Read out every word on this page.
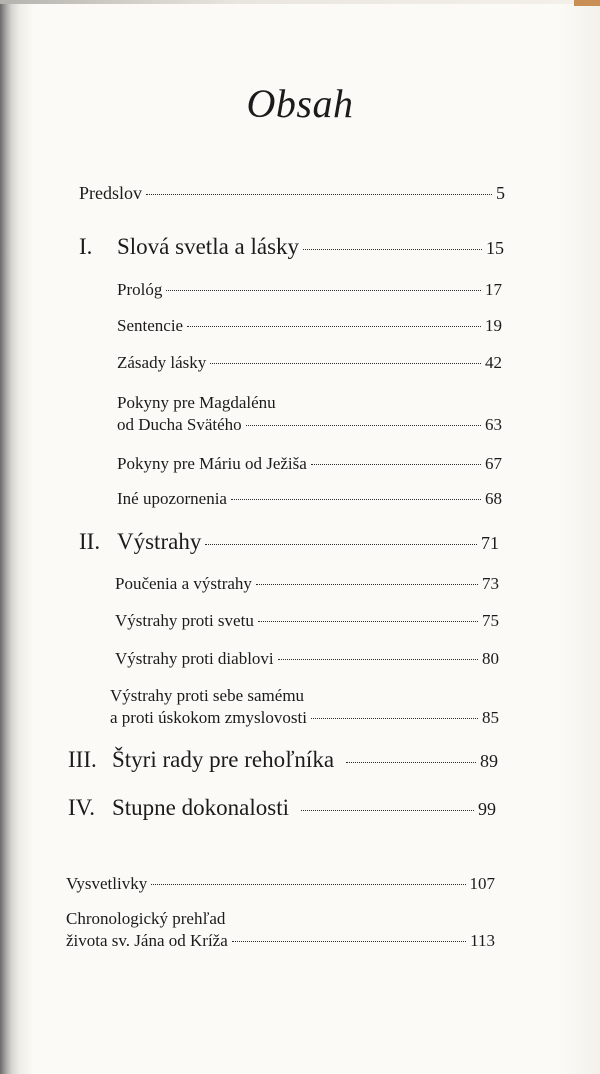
Obsah
Predslov	5
I.	Slová svetla a lásky	15
Prológ	17
Sentencie	19
Zásady lásky	42
Pokyny pre Magdalénu
od Ducha Svätého	63
Pokyny pre Máriu od Ježiša	67
Iné upozornenia	68
II. Výstrahy	71
Poučenia a výstrahy	73
Výstrahy proti svetu	75
Výstrahy proti diablovi	80
Výstrahy proti sebe samému
a proti úskokom zmyslovosti	85
III. Štyri rady pre rehoľníka	89
IV. Stupne dokonalosti	99
Vysvetlivky	107
Chronologický prehľad
života sv. Jána od Kríža	113
